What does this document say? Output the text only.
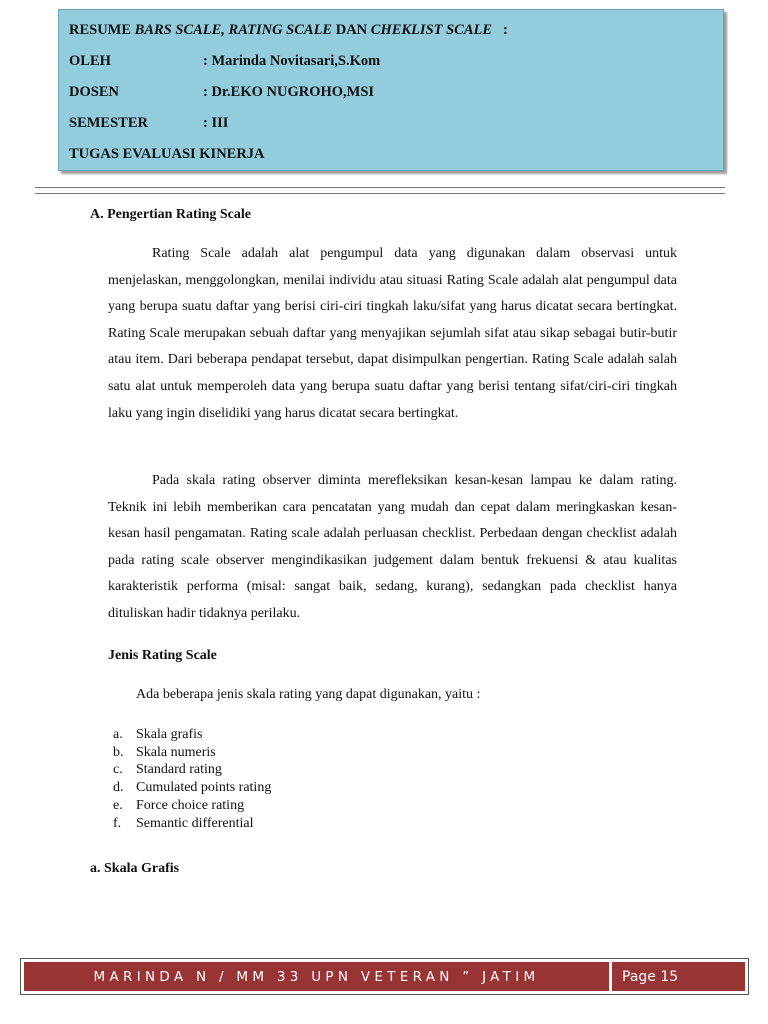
RESUME
BARS SCALE, RATING SCALE
DAN
CHEKLIST SCALE
:
OLEH	: Marinda Novitasari,S.Kom
DOSEN	: Dr.EKO NUGROHO,MSI
SEMESTER	: III
TUGAS EVALUASI KINERJA
A. Pengertian Rating Scale
Rating Scale adalah alat pengumpul data yang digunakan dalam observasi untuk menjelaskan, menggolongkan, menilai individu atau situasi Rating Scale adalah alat pengumpul data yang berupa suatu daftar yang berisi ciri-ciri tingkah laku/sifat yang harus dicatat secara bertingkat. Rating Scale merupakan sebuah daftar yang menyajikan sejumlah sifat atau sikap sebagai butir-butir atau item. Dari beberapa pendapat tersebut, dapat disimpulkan pengertian. Rating Scale adalah salah satu alat untuk memperoleh data yang berupa suatu daftar yang berisi tentang sifat/ciri-ciri tingkah laku yang ingin diselidiki yang harus dicatat secara bertingkat.
Pada skala rating observer diminta merefleksikan kesan-kesan lampau ke dalam rating. Teknik ini lebih memberikan cara pencatatan yang mudah dan cepat dalam meringkaskan kesan-kesan hasil pengamatan. Rating scale adalah perluasan checklist. Perbedaan dengan checklist adalah pada rating scale observer mengindikasikan judgement dalam bentuk frekuensi & atau kualitas karakteristik performa (misal: sangat baik, sedang, kurang), sedangkan pada checklist hanya dituliskan hadir tidaknya perilaku.
Jenis Rating Scale
Ada beberapa jenis skala rating yang dapat digunakan, yaitu :
a. Skala grafis
b. Skala numeris
c. Standard rating
d. Cumulated points rating
e. Force choice rating
f.	Semantic differential
a. Skala Grafis
MARINDA N / MM 33 UPN VETERAN ” JATIM	Page 15
